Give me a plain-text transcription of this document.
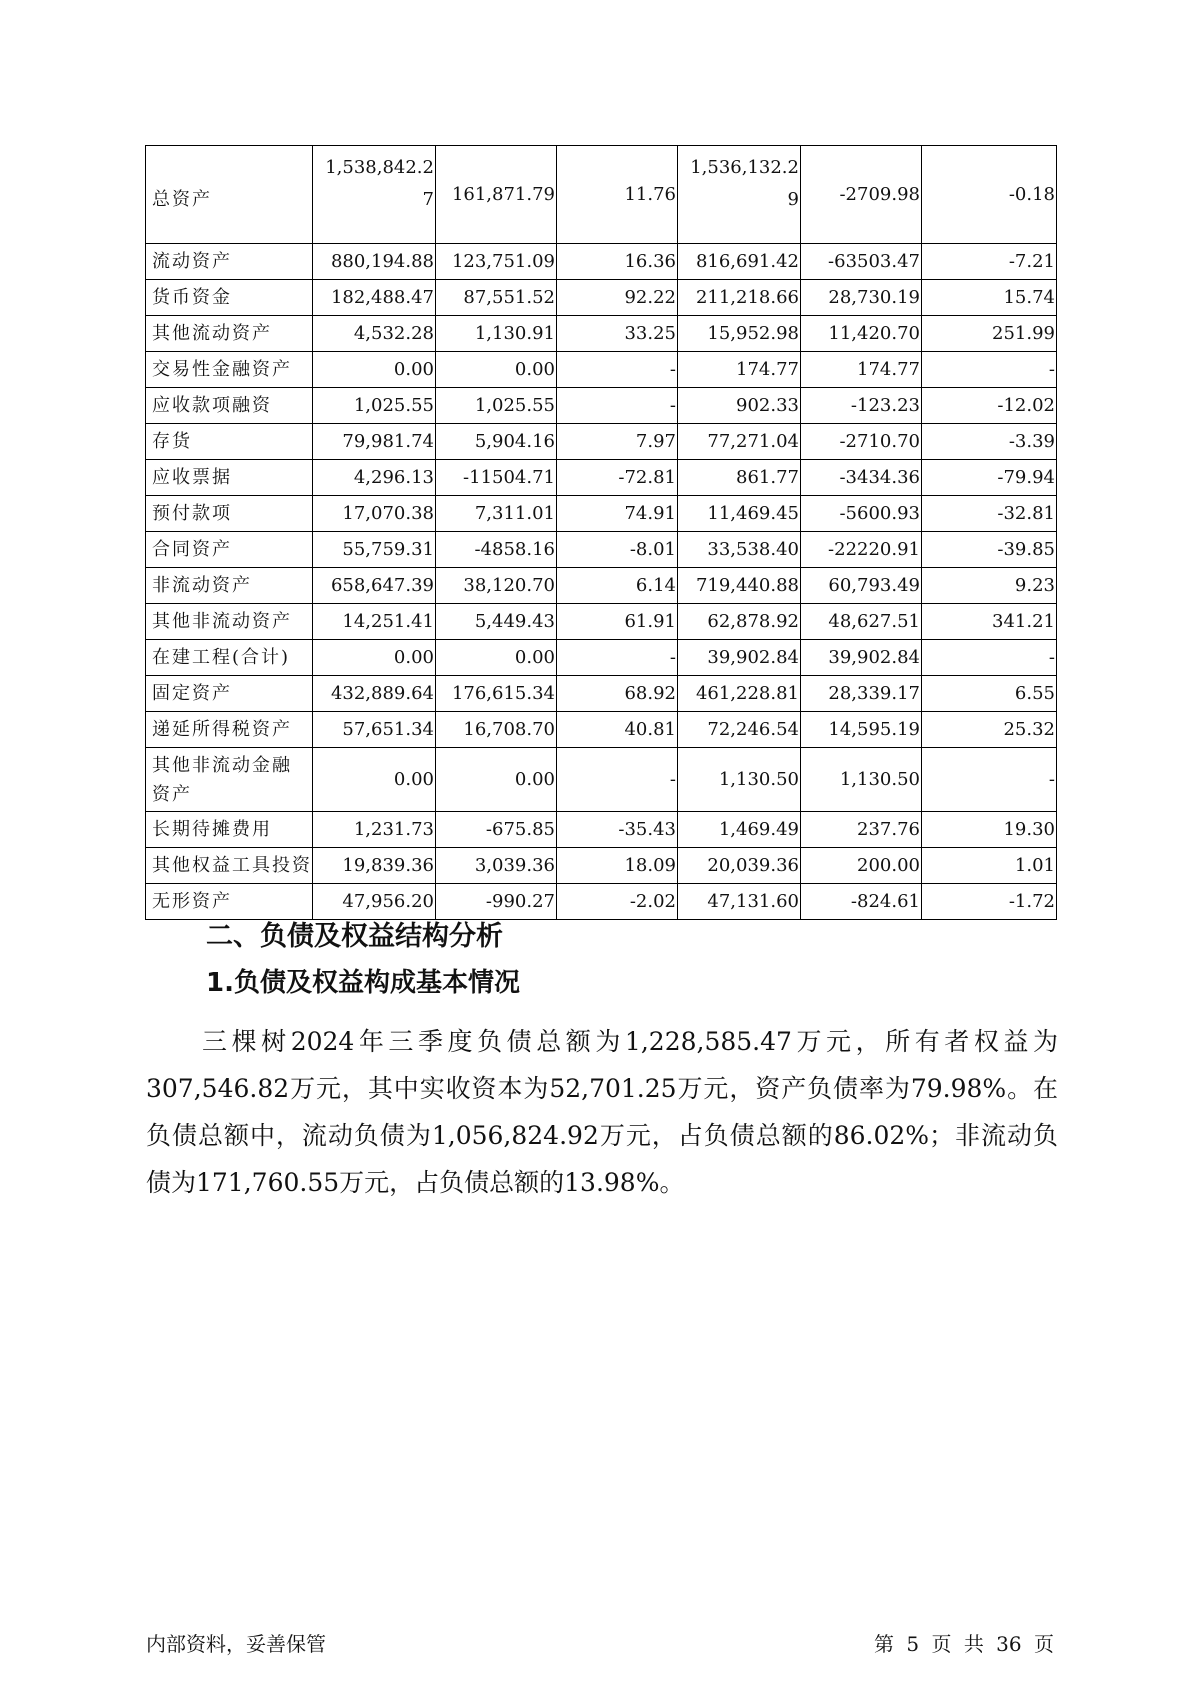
总资产	1,538,842.27	161,871.79	11.76	1,536,132.29	-2709.98	-0.18
流动资产	880,194.88	123,751.09	16.36	816,691.42	-63503.47	-7.21
货币资金	182,488.47	87,551.52	92.22	211,218.66	28,730.19	15.74
其他流动资产	4,532.28	1,130.91	33.25	15,952.98	11,420.70	251.99
交易性金融资产	0.00	0.00	-	174.77	174.77	-
应收款项融资	1,025.55	1,025.55	-	902.33	-123.23	-12.02
存货	79,981.74	5,904.16	7.97	77,271.04	-2710.70	-3.39
应收票据	4,296.13	-11504.71	-72.81	861.77	-3434.36	-79.94
预付款项	17,070.38	7,311.01	74.91	11,469.45	-5600.93	-32.81
合同资产	55,759.31	-4858.16	-8.01	33,538.40	-22220.91	-39.85
非流动资产	658,647.39	38,120.70	6.14	719,440.88	60,793.49	9.23
其他非流动资产	14,251.41	5,449.43	61.91	62,878.92	48,627.51	341.21
在建工程(合计)	0.00	0.00	-	39,902.84	39,902.84	-
固定资产	432,889.64	176,615.34	68.92	461,228.81	28,339.17	6.55
递延所得税资产	57,651.34	16,708.70	40.81	72,246.54	14,595.19	25.32
其他非流动金融资产	0.00	0.00	-	1,130.50	1,130.50	-
长期待摊费用	1,231.73	-675.85	-35.43	1,469.49	237.76	19.30
其他权益工具投资	19,839.36	3,039.36	18.09	20,039.36	200.00	1.01
无形资产	47,956.20	-990.27	-2.02	47,131.60	-824.61	-1.72
二、负债及权益结构分析
1.负债及权益构成基本情况

三棵树2024年三季度负债总额为1,228,585.47万元，所有者权益为307,546.82万元，其中实收资本为52,701.25万元，资产负债率为79.98%。在负债总额中，流动负债为1,056,824.92万元，占负债总额的86.02%；非流动负债为171,760.55万元，占负债总额的13.98%。

内部资料，妥善保管	第 5 页 共 36 页
